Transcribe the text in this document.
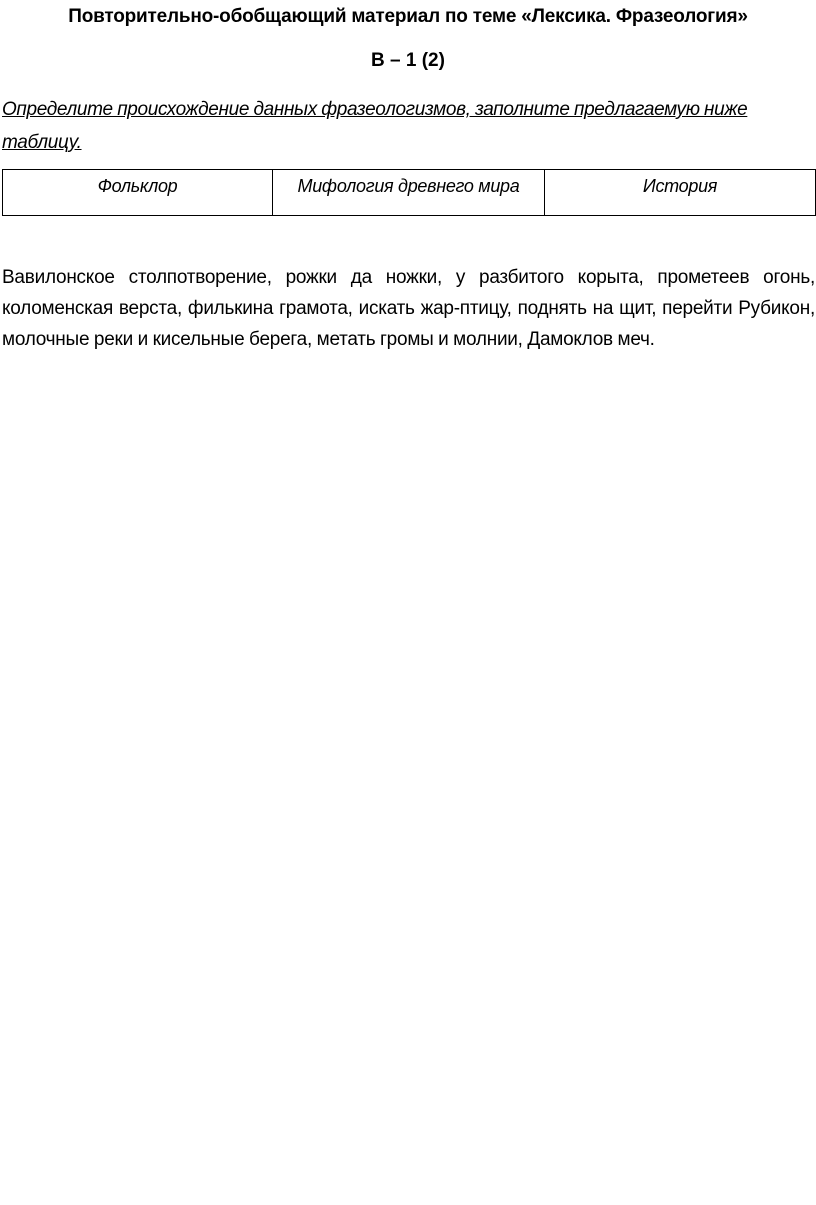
Повторительно-обобщающий материал по теме «Лексика. Фразеология»
В – 1 (2)
Определите происхождение данных фразеологизмов, заполните предлагаемую ниже таблицу.
Фольклор	Мифология древнего мира	История
Вавилонское столпотворение, рожки да ножки, у разбитого корыта, прометеев огонь, коломенская верста, филькина грамота, искать жар-птицу, поднять на щит, перейти Рубикон, молочные реки и кисельные берега, метать громы и молнии, Дамоклов меч.
